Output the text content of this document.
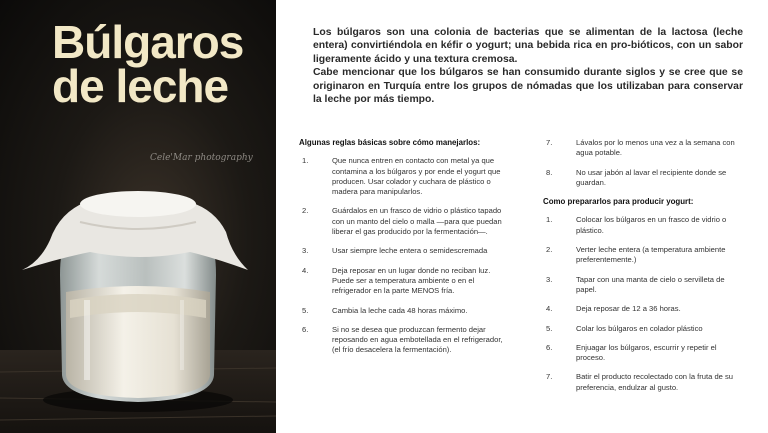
Búlgaros
de leche
Cele'Mar photography

Los búlgaros son una colonia de bacterias que se alimentan de la lactosa (leche entera) convirtiéndola en kéfir o yogurt; una bebida rica en pro-bióticos, con un sabor ligeramente ácido y una textura cremosa.

Cabe mencionar que los búlgaros se han consumido durante siglos y se cree que se originaron en Turquía entre los grupos de nómadas que los utilizaban para conservar la leche por más tiempo.

Algunas reglas básicas sobre cómo manejarlos:
1.	Que nunca entren en contacto con metal ya que contamina a los búlgaros y por ende el yogurt que producen. Usar colador y cuchara de plástico o madera para manipularlos.
2.	Guárdalos en un frasco de vidrio o plástico tapado con un manto del cielo o malla —para que puedan liberar el gas producido por la fermentación—.
3.	Usar siempre leche entera o semidescremada
4.	Deja reposar en un lugar donde no reciban luz. Puede ser a temperatura ambiente o en el refrigerador en la parte MENOS fría.
5.	Cambia la leche cada 48 horas máximo.
6.	Si no se desea que produzcan fermento dejar reposando en agua embotellada en el refrigerador, (el frío desacelera la fermentación).
7.	Lávalos por lo menos una vez a la semana con agua potable.
8.	No usar jabón al lavar el recipiente donde se guardan.
Como prepararlos para producir yogurt:
1.	Colocar los búlgaros en un frasco de vidrio o plástico.
2.	Verter leche entera (a temperatura ambiente preferentemente.)
3.	Tapar con una manta de cielo o servilleta de papel.
4.	Deja reposar de 12 a 36 horas.
5.	Colar los búlgaros en colador plástico
6.	Enjuagar los búlgaros, escurrir y repetir el proceso.
7.	Batir el producto recolectado con la fruta de su preferencia, endulzar al gusto.
